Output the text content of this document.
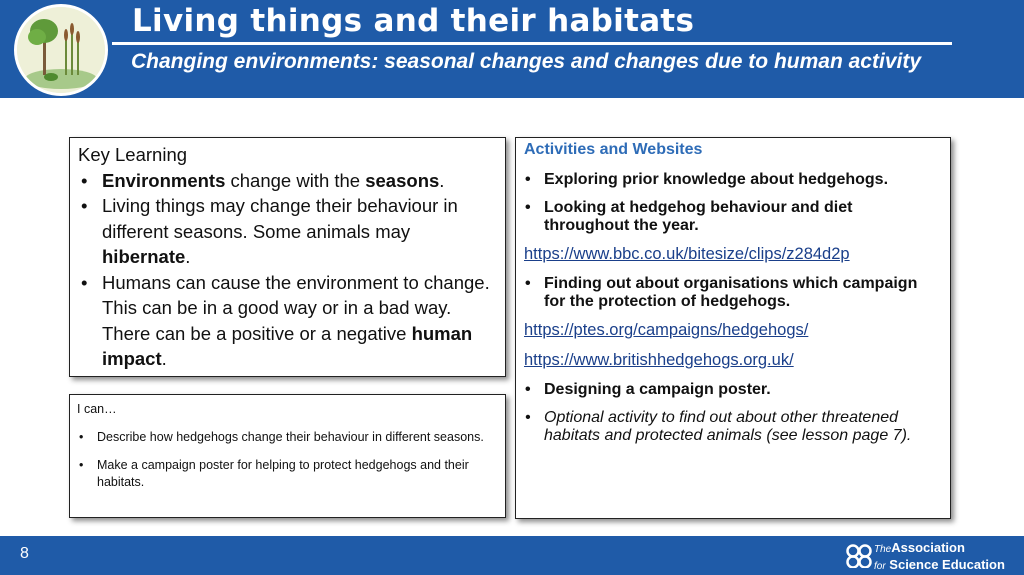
Living things and their habitats
Changing environments: seasonal changes and changes due to human activity
Key Learning
• Environments change with the seasons.
• Living things may change their behaviour in different seasons. Some animals may hibernate.
• Humans can cause the environment to change. This can be in a good way or in a bad way. There can be a positive or a negative human impact.
I can…
• Describe how hedgehogs change their behaviour in different seasons.
• Make a campaign poster for helping to protect hedgehogs and their habitats.
Activities and Websites
• Exploring prior knowledge about hedgehogs.
• Looking at hedgehog behaviour and diet throughout the year.
https://www.bbc.co.uk/bitesize/clips/z284d2p
• Finding out about organisations which campaign for the protection of hedgehogs.
https://ptes.org/campaigns/hedgehogs/
https://www.britishhedgehogs.org.uk/
• Designing a campaign poster.
• Optional activity to find out about other threatened habitats and protected animals (see lesson page 7).
8	TheAssociation
for Science Education
